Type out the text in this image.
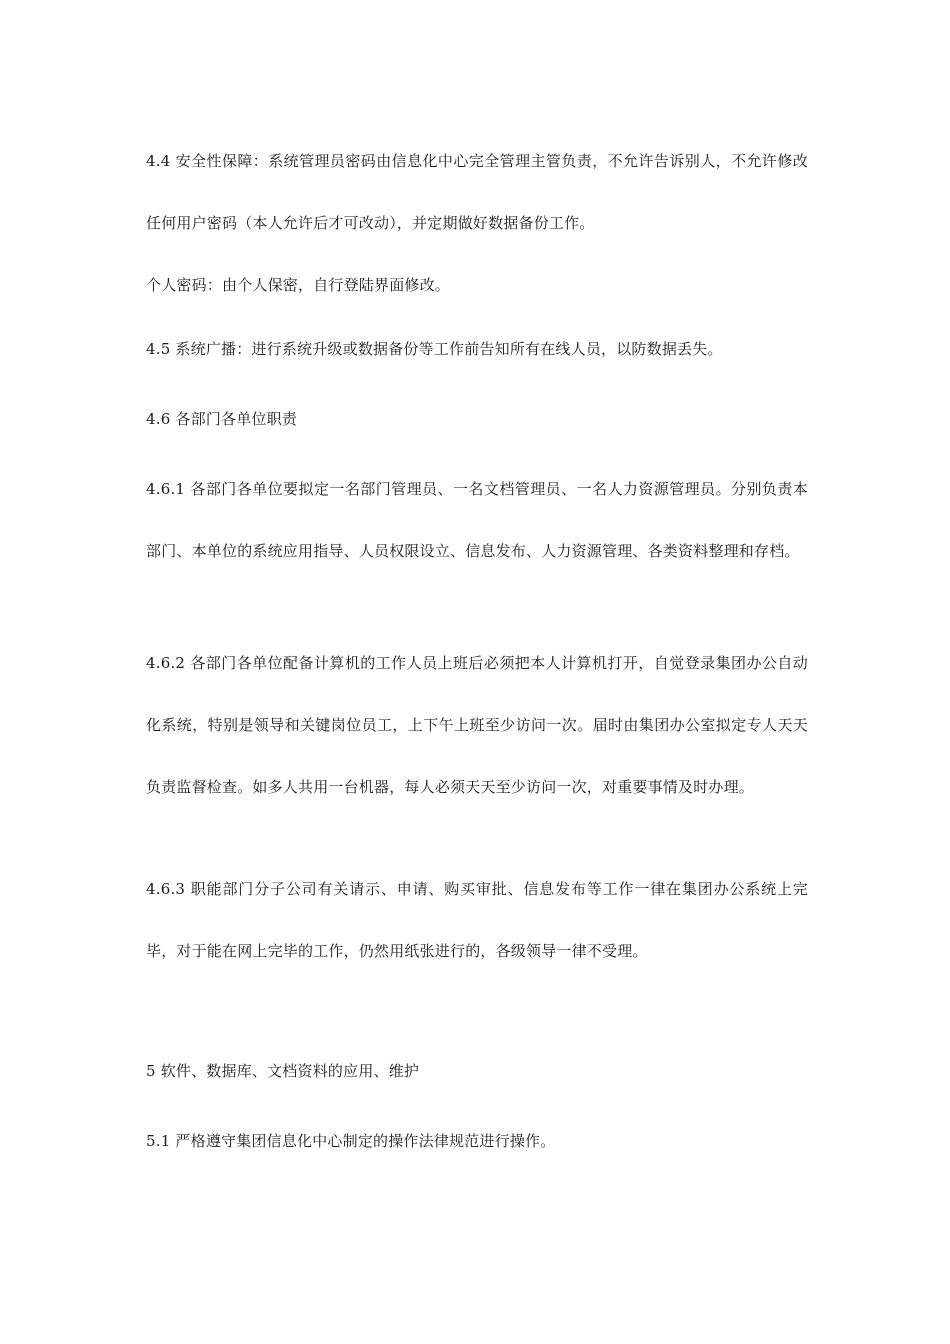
4.4 安全性保障：系统管理员密码由信息化中心完全管理主管负责，不允许告诉别人，不允许修改任何用户密码（本人允许后才可改动），并定期做好数据备份工作。

个人密码：由个人保密，自行登陆界面修改。

4.5 系统广播：进行系统升级或数据备份等工作前告知所有在线人员，以防数据丢失。

4.6 各部门各单位职责

4.6.1 各部门各单位要拟定一名部门管理员、一名文档管理员、一名人力资源管理员。分别负责本部门、本单位的系统应用指导、人员权限设立、信息发布、人力资源管理、各类资料整理和存档。

4.6.2 各部门各单位配备计算机的工作人员上班后必须把本人计算机打开，自觉登录集团办公自动化系统，特别是领导和关键岗位员工，上下午上班至少访问一次。届时由集团办公室拟定专人天天负责监督检查。如多人共用一台机器，每人必须天天至少访问一次，对重要事情及时办理。

4.6.3 职能部门分子公司有关请示、申请、购买审批、信息发布等工作一律在集团办公系统上完毕，对于能在网上完毕的工作，仍然用纸张进行的，各级领导一律不受理。

5 软件、数据库、文档资料的应用、维护

5.1 严格遵守集团信息化中心制定的操作法律规范进行操作。
